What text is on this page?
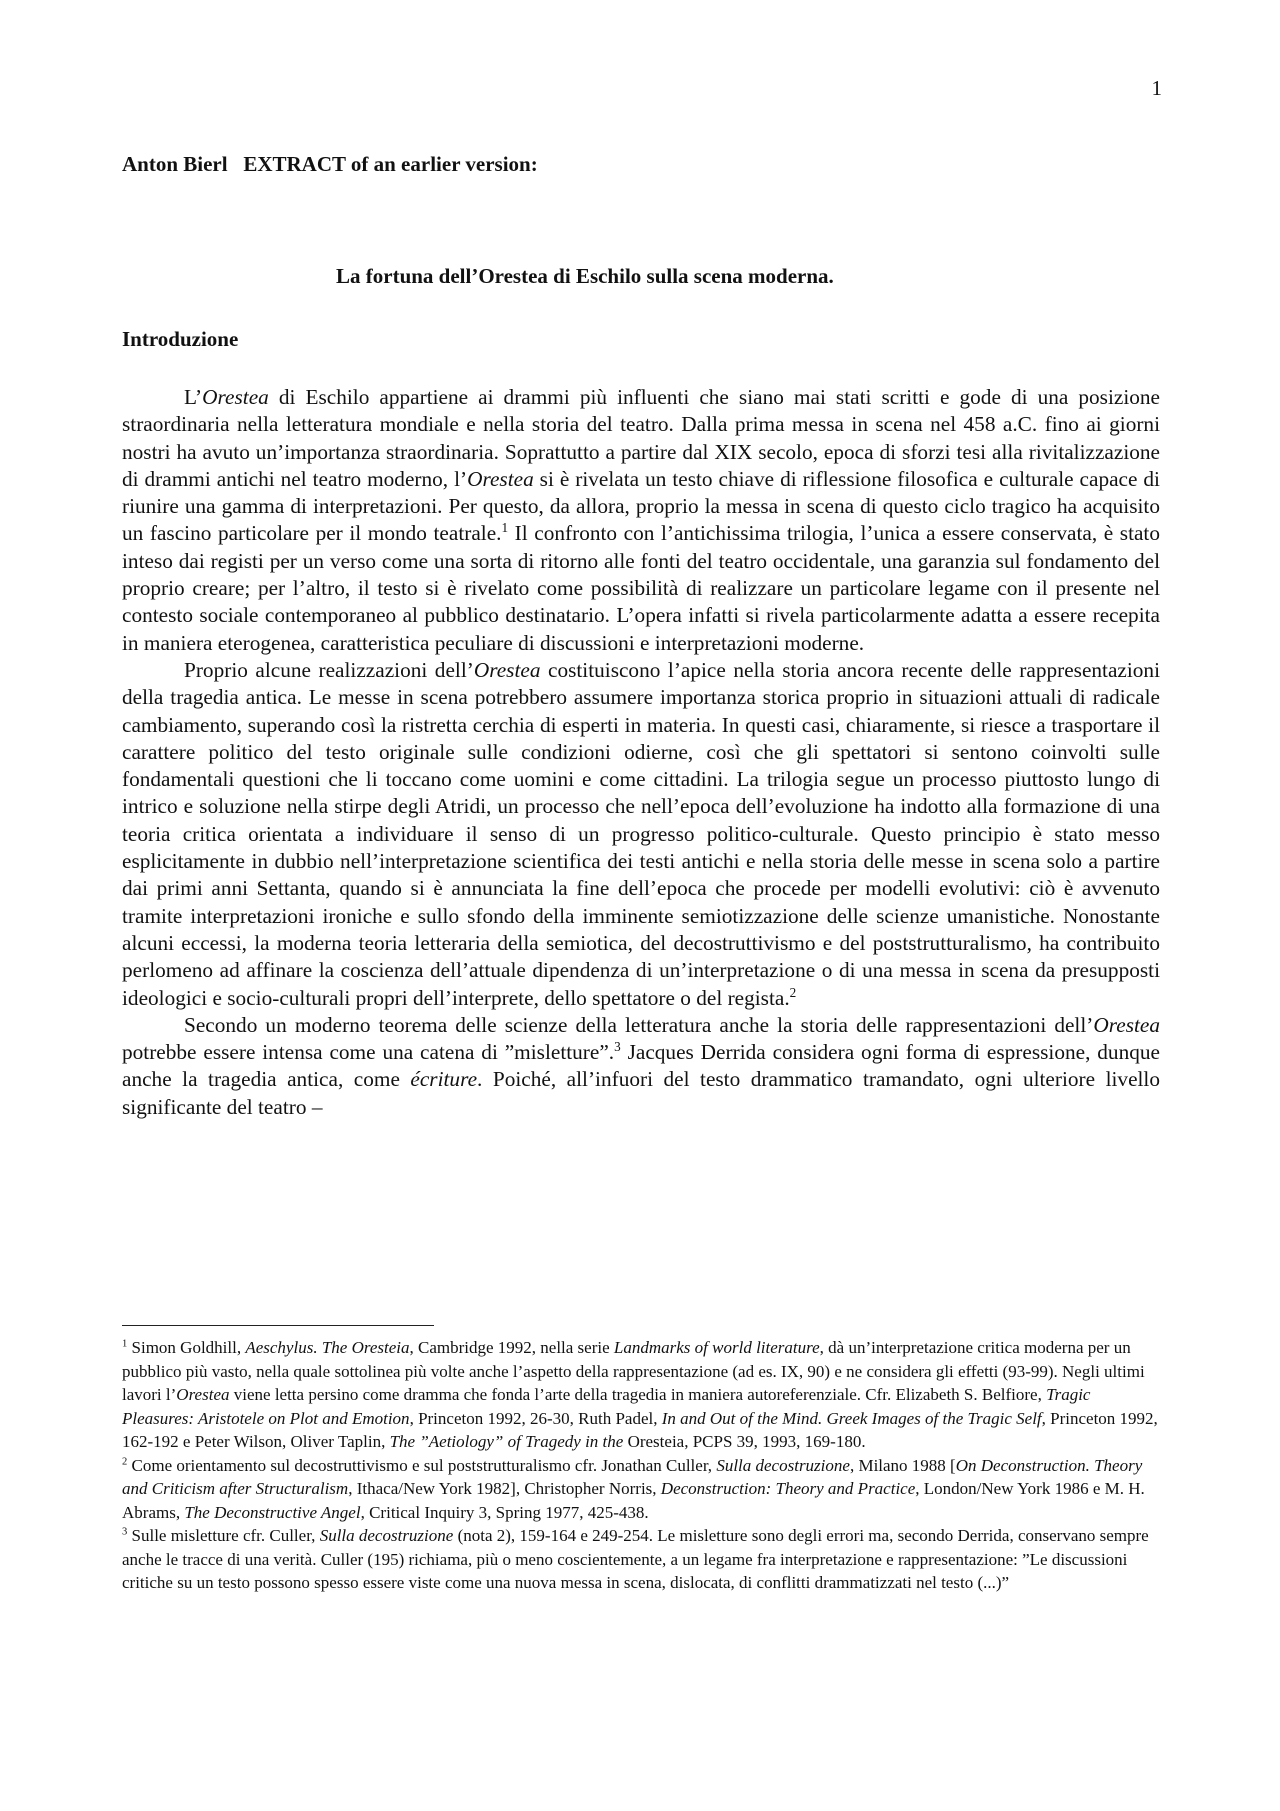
1
Anton Bierl   EXTRACT of an earlier version:
La fortuna dell’Orestea di Eschilo sulla scena moderna.
Introduzione

L’Orestea di Eschilo appartiene ai drammi più influenti che siano mai stati scritti e gode di una posizione straordinaria nella letteratura mondiale e nella storia del teatro. Dalla prima messa in scena nel 458 a.C. fino ai giorni nostri ha avuto un’importanza straordinaria. Soprattutto a partire dal XIX secolo, epoca di sforzi tesi alla rivitalizzazione di drammi antichi nel teatro moderno, l’Orestea si è rivelata un testo chiave di riflessione filosofica e culturale capace di riunire una gamma di interpretazioni. Per questo, da allora, proprio la messa in scena di questo ciclo tragico ha acquisito un fascino particolare per il mondo teatrale.$^1$ Il confronto con l’antichissima trilogia, l’unica a essere conservata, è stato inteso dai registi per un verso come una sorta di ritorno alle fonti del teatro occidentale, una garanzia sul fondamento del proprio creare; per l’altro, il testo si è rivelato come possibilità di realizzare un particolare legame con il presente nel contesto sociale contemporaneo al pubblico destinatario. L’opera infatti si rivela particolarmente adatta a essere recepita in maniera eterogenea, caratteristica peculiare di discussioni e interpretazioni moderne.

Proprio alcune realizzazioni dell’Orestea costituiscono l’apice nella storia ancora recente delle rappresentazioni della tragedia antica. Le messe in scena potrebbero assumere importanza storica proprio in situazioni attuali di radicale cambiamento, superando così la ristretta cerchia di esperti in materia. In questi casi, chiaramente, si riesce a trasportare il carattere politico del testo originale sulle condizioni odierne, così che gli spettatori si sentono coinvolti sulle fondamentali questioni che li toccano come uomini e come cittadini. La trilogia segue un processo piuttosto lungo di intrico e soluzione nella stirpe degli Atridi, un processo che nell’epoca dell’evoluzione ha indotto alla formazione di una teoria critica orientata a individuare il senso di un progresso politico-culturale. Questo principio è stato messo esplicitamente in dubbio nell’interpretazione scientifica dei testi antichi e nella storia delle messe in scena solo a partire dai primi anni Settanta, quando si è annunciata la fine dell’epoca che procede per modelli evolutivi: ciò è avvenuto tramite interpretazioni ironiche e sullo sfondo della imminente semiotizzazione delle scienze umanistiche. Nonostante alcuni eccessi, la moderna teoria letteraria della semiotica, del decostruttivismo e del poststrutturalismo, ha contribuito perlomeno ad affinare la coscienza dell’attuale dipendenza di un’interpretazione o di una messa in scena da presupposti ideologici e socio-culturali propri dell’interprete, dello spettatore o del regista.$^2$

Secondo un moderno teorema delle scienze della letteratura anche la storia delle rappresentazioni dell’Orestea potrebbe essere intensa come una catena di ”misletture”.$^3$ Jacques Derrida considera ogni forma di espressione, dunque anche la tragedia antica, come écriture. Poiché, all’infuori del testo drammatico tramandato, ogni ulteriore livello significante del teatro –

$^1$ Simon Goldhill, Aeschylus. The Oresteia, Cambridge 1992, nella serie Landmarks of world literature, dà un’interpretazione critica moderna per un pubblico più vasto, nella quale sottolinea più volte anche l’aspetto della rappresentazione (ad es. IX, 90) e ne considera gli effetti (93-99). Negli ultimi lavori l’Orestea viene letta persino come dramma che fonda l’arte della tragedia in maniera autoreferenziale. Cfr. Elizabeth S. Belfiore, Tragic Pleasures: Aristotele on Plot and Emotion, Princeton 1992, 26-30, Ruth Padel, In and Out of the Mind. Greek Images of the Tragic Self, Princeton 1992, 162-192 e Peter Wilson, Oliver Taplin, The ”Aetiology” of Tragedy in the Oresteia, PCPS 39, 1993, 169-180.

$^2$ Come orientamento sul decostruttivismo e sul poststrutturalismo cfr. Jonathan Culler, Sulla decostruzione, Milano 1988 [On Deconstruction. Theory and Criticism after Structuralism, Ithaca/New York 1982], Christopher Norris, Deconstruction: Theory and Practice, London/New York 1986 e M. H. Abrams, The Deconstructive Angel, Critical Inquiry 3, Spring 1977, 425-438.

$^3$ Sulle misletture cfr. Culler, Sulla decostruzione (nota 2), 159-164 e 249-254. Le misletture sono degli errori ma, secondo Derrida, conservano sempre anche le tracce di una verità. Culler (195) richiama, più o meno coscientemente, a un legame fra interpretazione e rappresentazione: ”Le discussioni critiche su un testo possono spesso essere viste come una nuova messa in scena, dislocata, di conflitti drammatizzati nel testo (...)”
